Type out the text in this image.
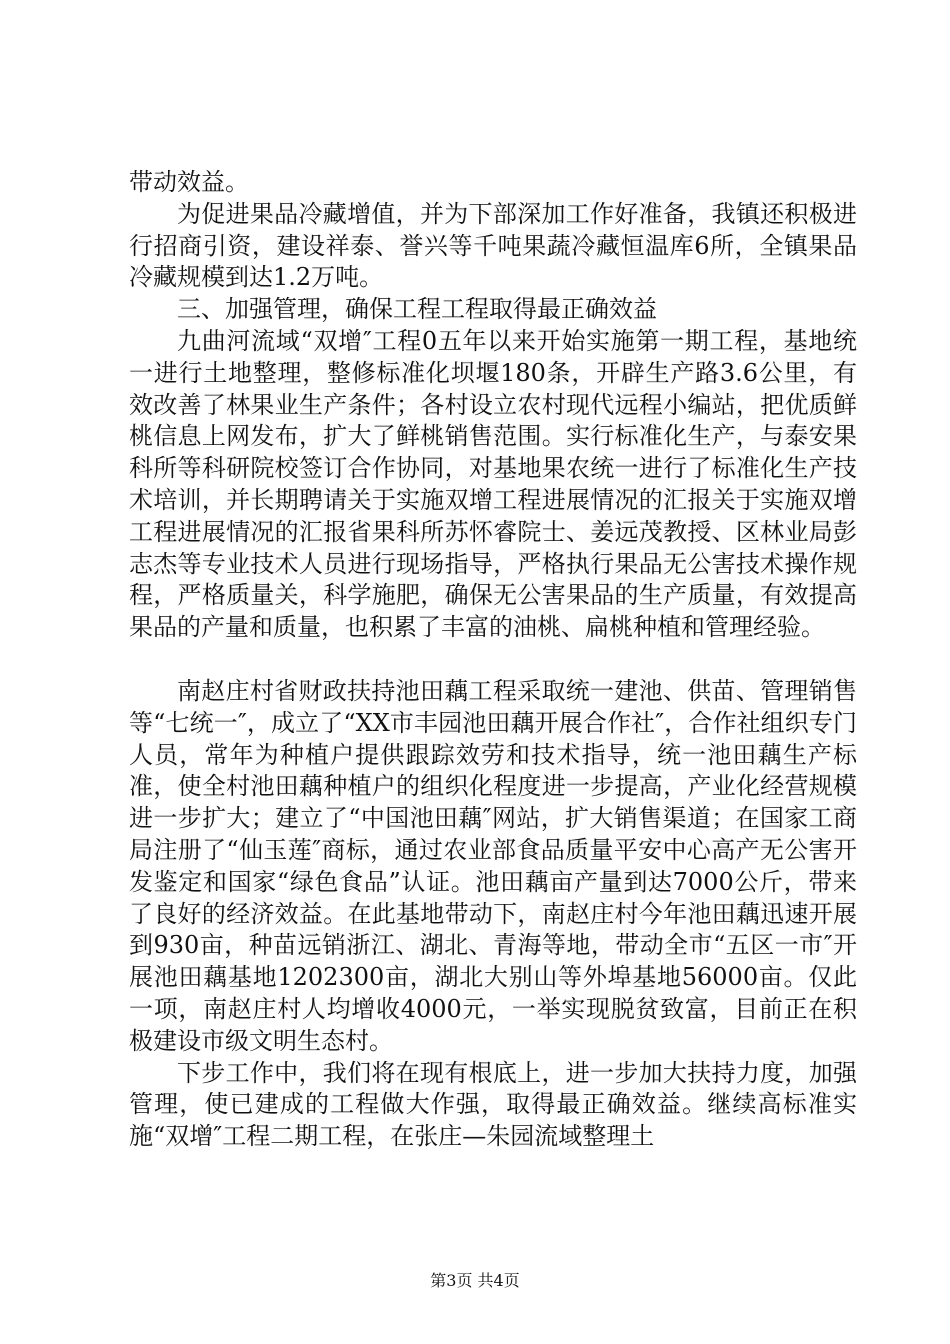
带动效益。

为促进果品冷藏增值，并为下部深加工作好准备，我镇还积极进行招商引资，建设祥泰、誉兴等千吨果蔬冷藏恒温库6所，全镇果品冷藏规模到达1.2万吨。

三、加强管理，确保工程工程取得最正确效益

九曲河流域“双增″工程0五年以来开始实施第一期工程，基地统一进行土地整理，整修标准化坝堰180条，开辟生产路3.6公里，有效改善了林果业生产条件；各村设立农村现代远程小编站，把优质鲜桃信息上网发布，扩大了鲜桃销售范围。实行标准化生产，与泰安果科所等科研院校签订合作协同，对基地果农统一进行了标准化生产技术培训，并长期聘请关于实施双增工程进展情况的汇报关于实施双增工程进展情况的汇报省果科所苏怀睿院士、姜远茂教授、区林业局彭志杰等专业技术人员进行现场指导，严格执行果品无公害技术操作规程，严格质量关，科学施肥，确保无公害果品的生产质量，有效提高果品的产量和质量，也积累了丰富的油桃、扁桃种植和管理经验。

南赵庄村省财政扶持池田藕工程采取统一建池、供苗、管理销售等“七统一″，成立了“XX市丰园池田藕开展合作社″，合作社组织专门人员，常年为种植户提供跟踪效劳和技术指导，统一池田藕生产标准，使全村池田藕种植户的组织化程度进一步提高，产业化经营规模进一步扩大；建立了“中国池田藕″网站，扩大销售渠道；在国家工商局注册了“仙玉莲″商标，通过农业部食品质量平安中心高产无公害开发鉴定和国家“绿色食品”认证。池田藕亩产量到达7000公斤，带来了良好的经济效益。在此基地带动下，南赵庄村今年池田藕迅速开展到930亩，种苗远销浙江、湖北、青海等地，带动全市“五区一市″开展池田藕基地1202300亩，湖北大别山等外埠基地56000亩。仅此一项，南赵庄村人均增收4000元，一举实现脱贫致富，目前正在积极建设市级文明生态村。

下步工作中，我们将在现有根底上，进一步加大扶持力度，加强管理，使已建成的工程做大作强，取得最正确效益。继续高标准实施“双增″工程二期工程，在张庄—朱园流域整理土

第3页 共4页
